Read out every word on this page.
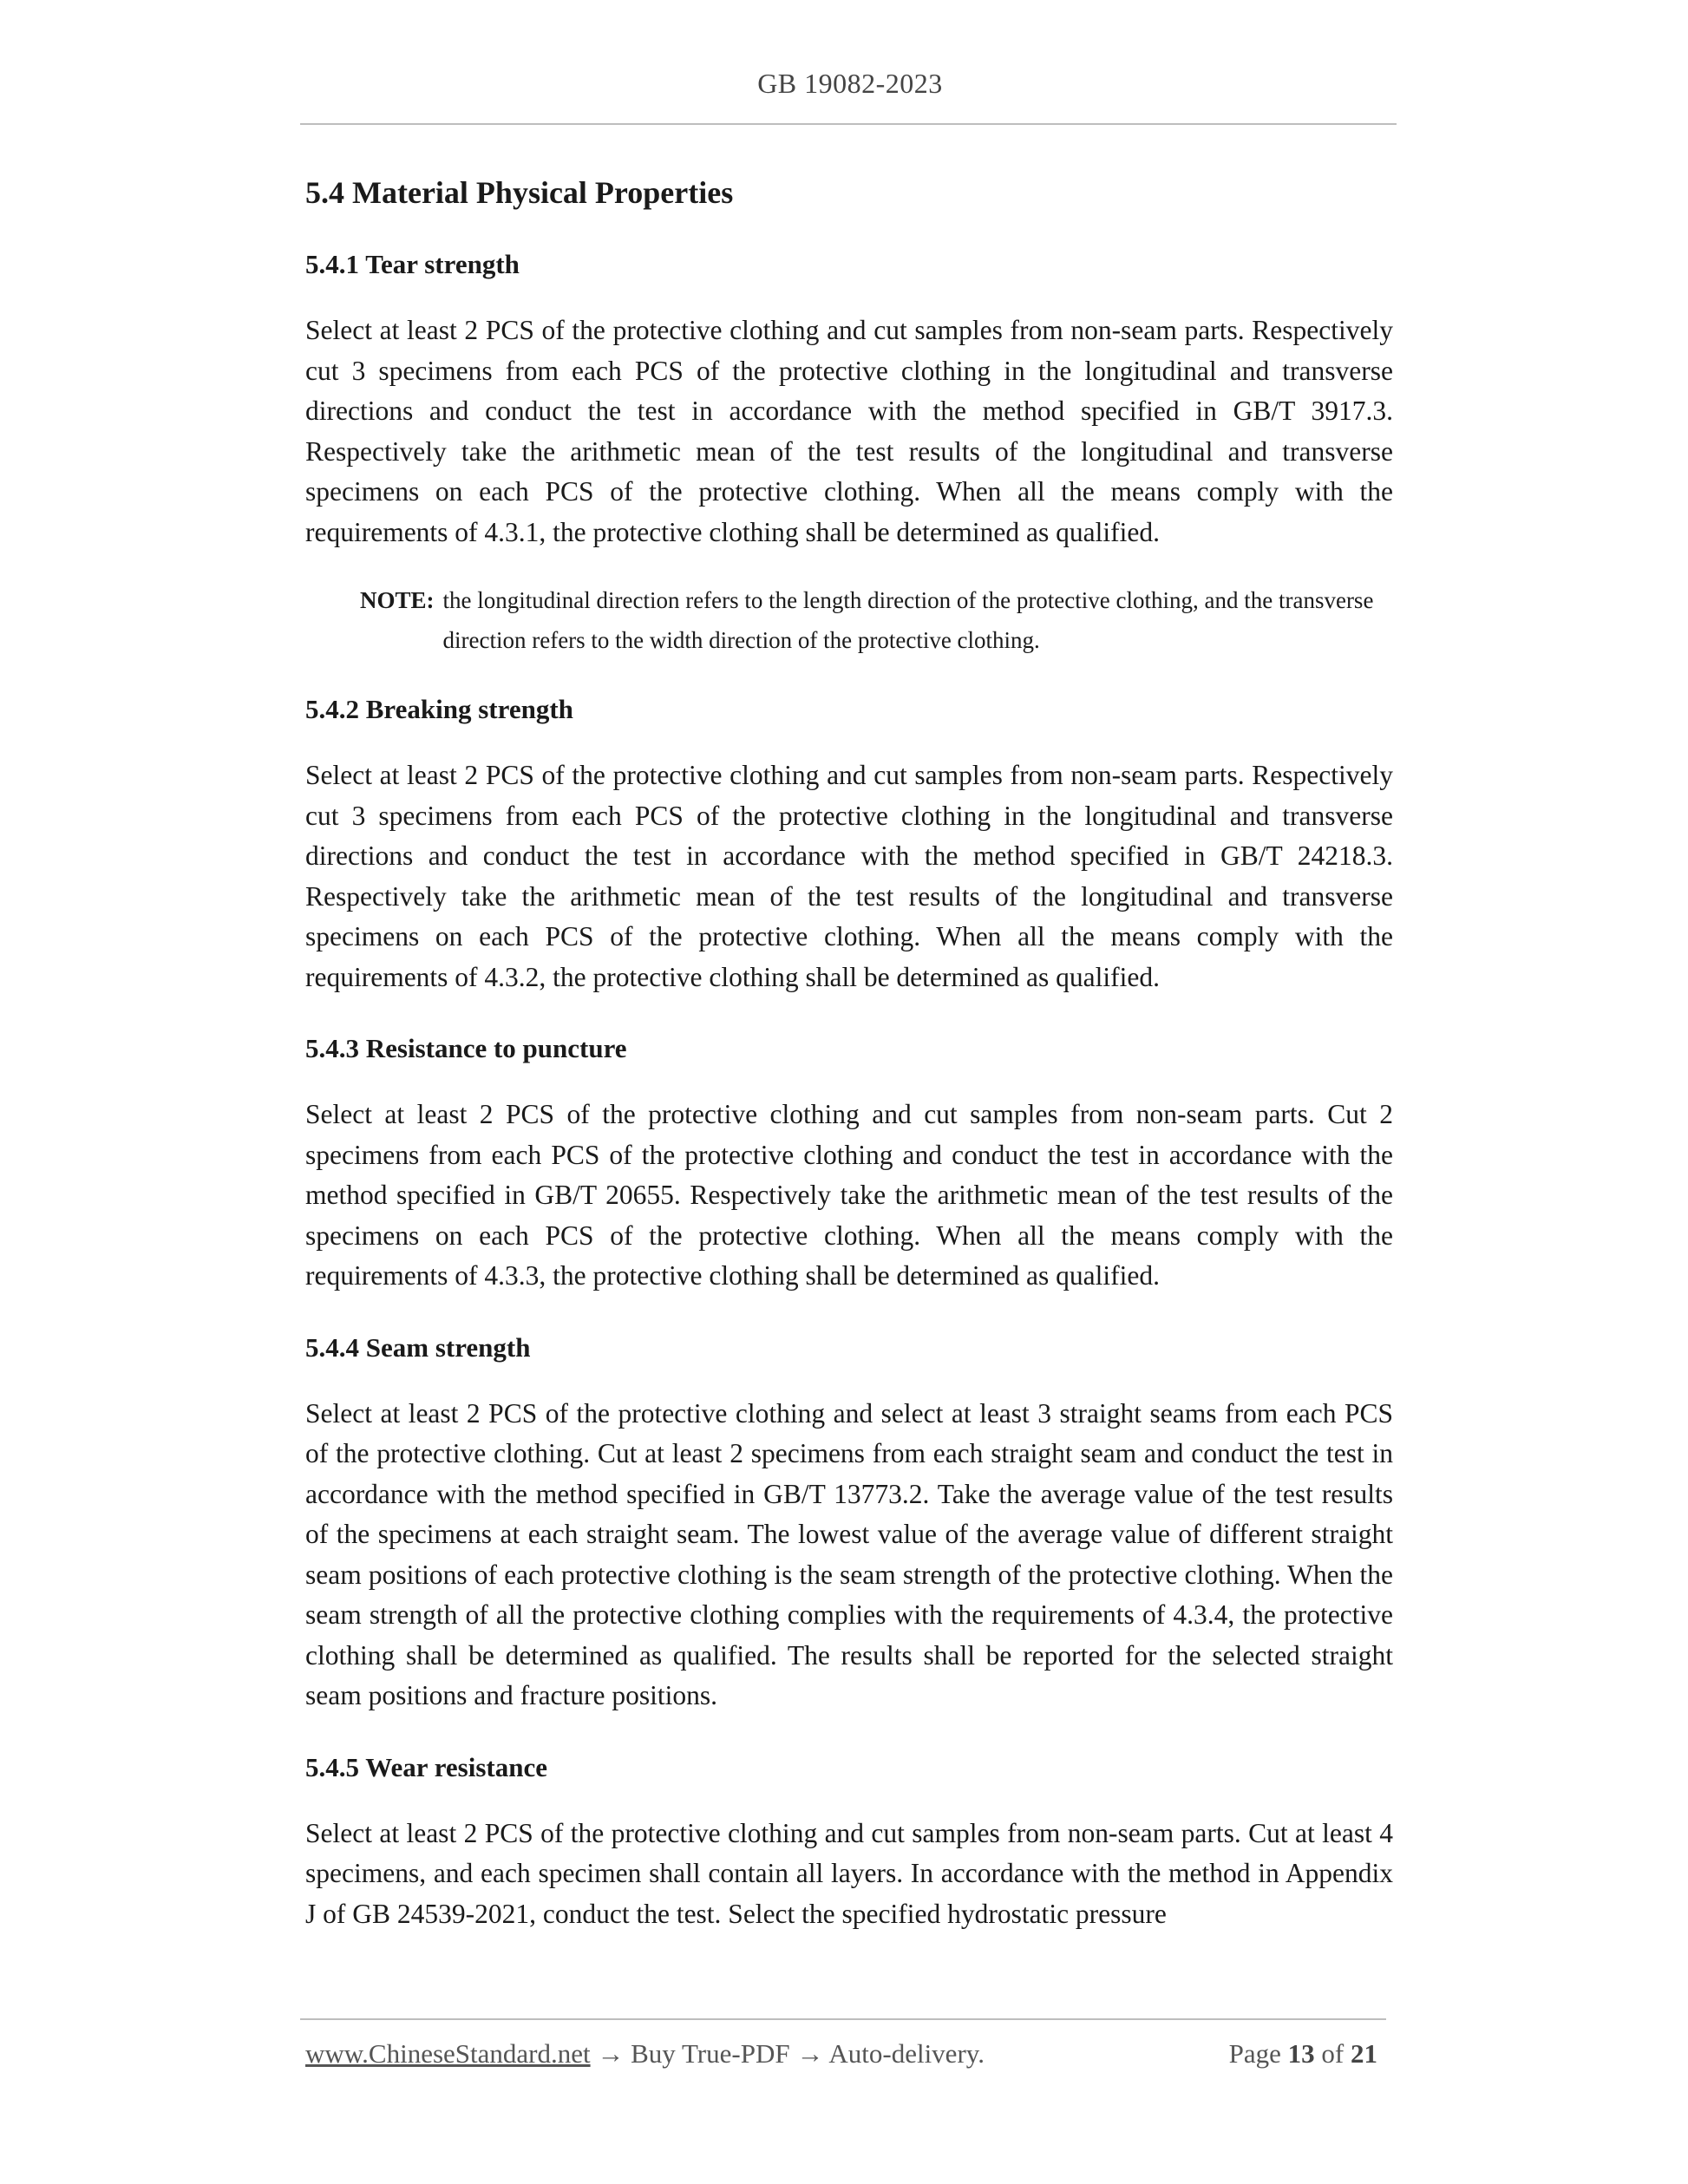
GB 19082-2023
5.4 Material Physical Properties
5.4.1 Tear strength

Select at least 2 PCS of the protective clothing and cut samples from non-seam parts. Respectively cut 3 specimens from each PCS of the protective clothing in the longitudinal and transverse directions and conduct the test in accordance with the method specified in GB/T 3917.3. Respectively take the arithmetic mean of the test results of the longitudinal and transverse specimens on each PCS of the protective clothing. When all the means comply with the requirements of 4.3.1, the protective clothing shall be determined as qualified.

NOTE: the longitudinal direction refers to the length direction of the protective clothing, and the transverse direction refers to the width direction of the protective clothing.
5.4.2 Breaking strength

Select at least 2 PCS of the protective clothing and cut samples from non-seam parts. Respectively cut 3 specimens from each PCS of the protective clothing in the longitudinal and transverse directions and conduct the test in accordance with the method specified in GB/T 24218.3. Respectively take the arithmetic mean of the test results of the longitudinal and transverse specimens on each PCS of the protective clothing. When all the means comply with the requirements of 4.3.2, the protective clothing shall be determined as qualified.

5.4.3 Resistance to puncture

Select at least 2 PCS of the protective clothing and cut samples from non-seam parts. Cut 2 specimens from each PCS of the protective clothing and conduct the test in accordance with the method specified in GB/T 20655. Respectively take the arithmetic mean of the test results of the specimens on each PCS of the protective clothing. When all the means comply with the requirements of 4.3.3, the protective clothing shall be determined as qualified.

5.4.4 Seam strength

Select at least 2 PCS of the protective clothing and select at least 3 straight seams from each PCS of the protective clothing. Cut at least 2 specimens from each straight seam and conduct the test in accordance with the method specified in GB/T 13773.2. Take the average value of the test results of the specimens at each straight seam. The lowest value of the average value of different straight seam positions of each protective clothing is the seam strength of the protective clothing. When the seam strength of all the protective clothing complies with the requirements of 4.3.4, the protective clothing shall be determined as qualified. The results shall be reported for the selected straight seam positions and fracture positions.

5.4.5 Wear resistance

Select at least 2 PCS of the protective clothing and cut samples from non-seam parts. Cut at least 4 specimens, and each specimen shall contain all layers. In accordance with the method in Appendix J of GB 24539-2021, conduct the test. Select the specified hydrostatic pressure

www.ChineseStandard.net → Buy True-PDF → Auto-delivery.	Page 13 of 21
